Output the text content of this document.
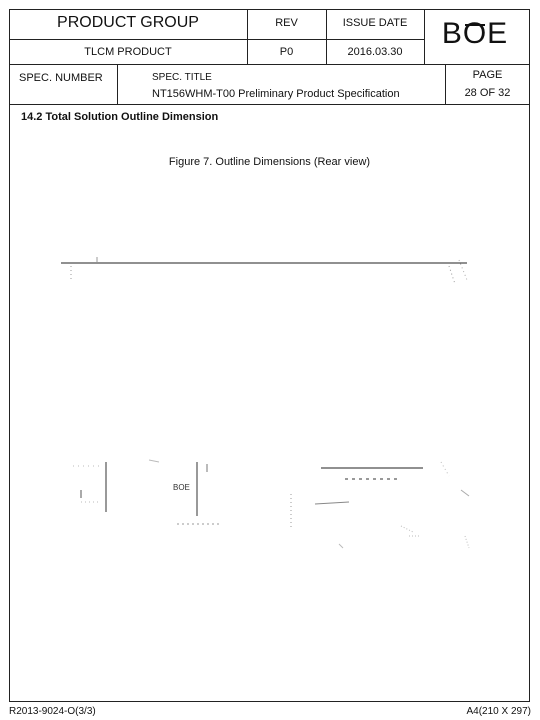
PRODUCT GROUP	REV	ISSUE DATE	BOE
TLCM PRODUCT	P0	2016.03.30
SPEC. NUMBER	SPEC. TITLE
NT156WHM-T00 Preliminary Product Specification
PAGE
28 OF 32
14.2 Total Solution Outline Dimension
Figure 7. Outline Dimensions (Rear view)
BOE
R2013-9024-O(3/3)	A4(210 X 297)
